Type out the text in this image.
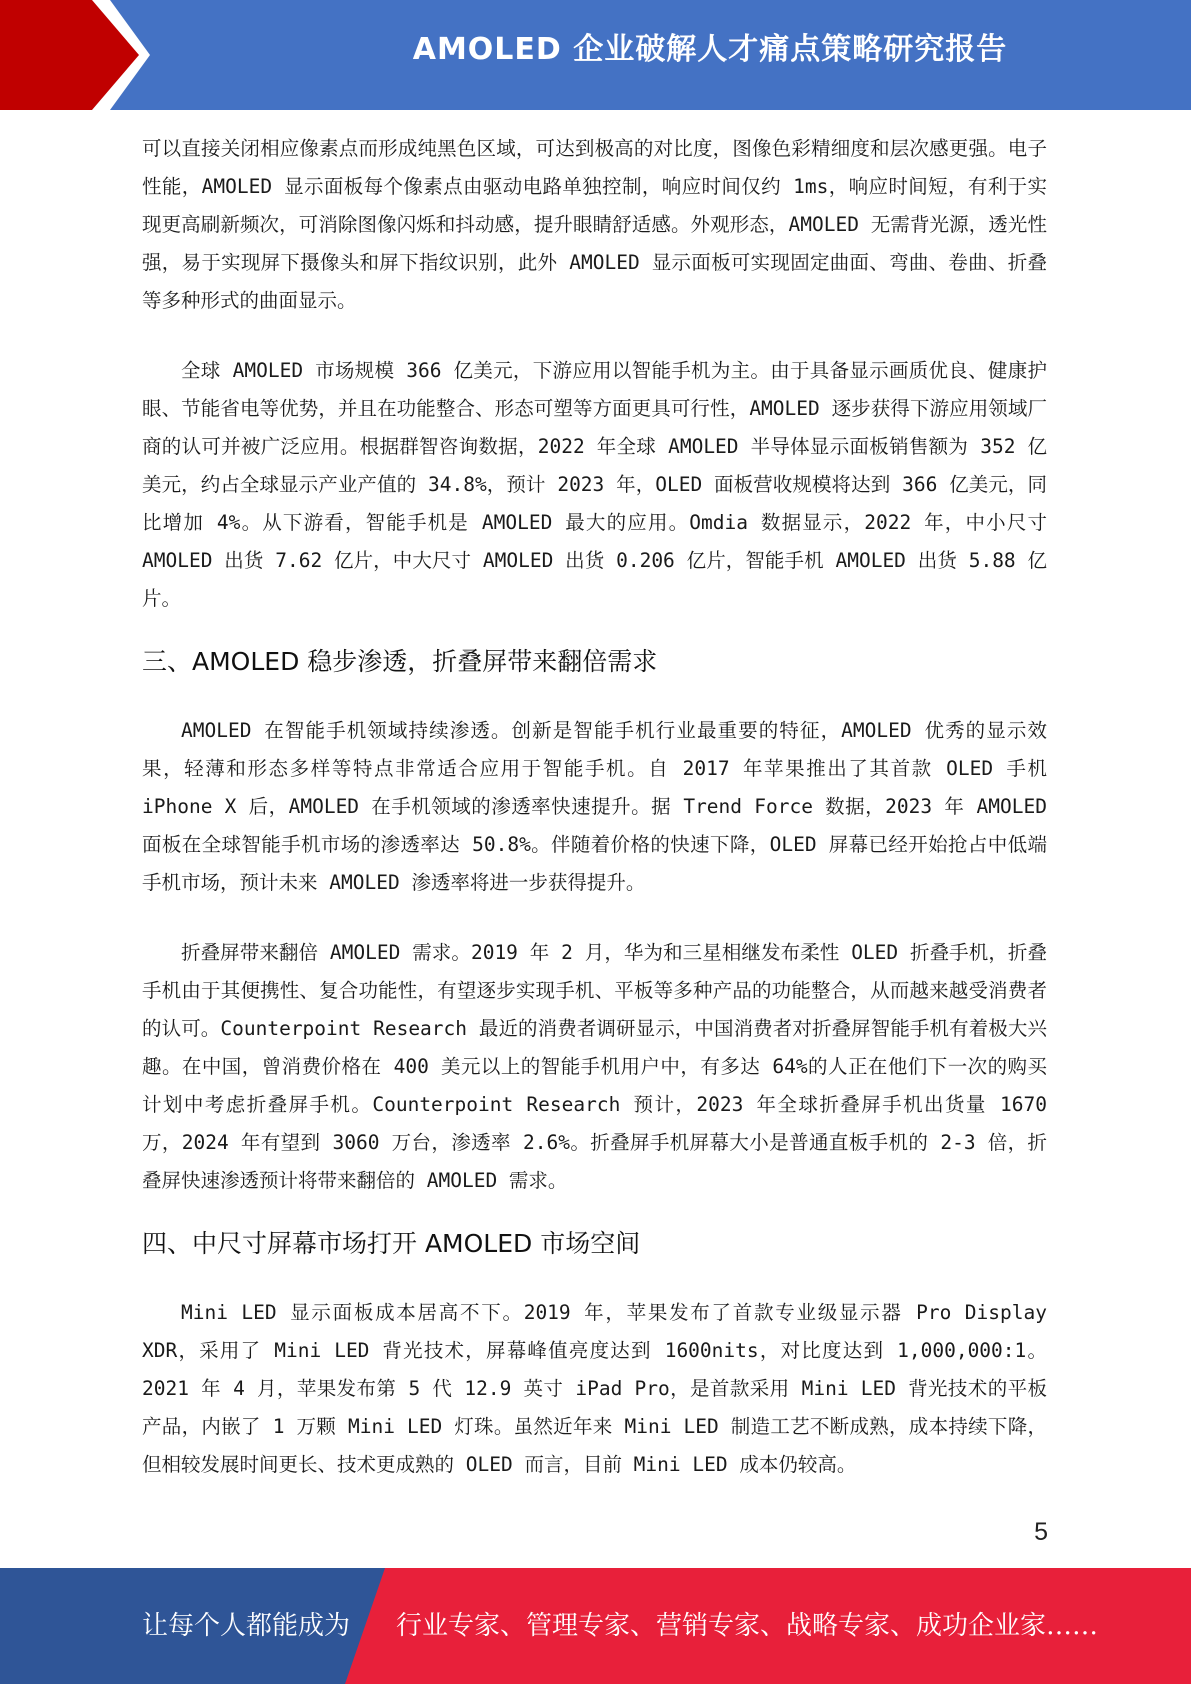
AMOLED 企业破解人才痛点策略研究报告

可以直接关闭相应像素点而形成纯黑色区域，可达到极高的对比度，图像色彩精细度和层次感更强。电子性能，AMOLED 显示面板每个像素点由驱动电路单独控制，响应时间仅约 1ms，响应时间短，有利于实现更高刷新频次，可消除图像闪烁和抖动感，提升眼睛舒适感。外观形态，AMOLED 无需背光源，透光性强，易于实现屏下摄像头和屏下指纹识别，此外 AMOLED 显示面板可实现固定曲面、弯曲、卷曲、折叠等多种形式的曲面显示。

全球 AMOLED 市场规模 366 亿美元，下游应用以智能手机为主。由于具备显示画质优良、健康护眼、节能省电等优势，并且在功能整合、形态可塑等方面更具可行性，AMOLED 逐步获得下游应用领域厂商的认可并被广泛应用。根据群智咨询数据，2022 年全球 AMOLED 半导体显示面板销售额为 352 亿美元，约占全球显示产业产值的 34.8%，预计 2023 年，OLED 面板营收规模将达到 366 亿美元，同比增加 4%。从下游看，智能手机是 AMOLED 最大的应用。Omdia 数据显示，2022 年，中小尺寸 AMOLED 出货 7.62 亿片，中大尺寸 AMOLED 出货 0.206 亿片，智能手机 AMOLED 出货 5.88 亿片。

三、AMOLED 稳步渗透，折叠屏带来翻倍需求

AMOLED 在智能手机领域持续渗透。创新是智能手机行业最重要的特征，AMOLED 优秀的显示效果，轻薄和形态多样等特点非常适合应用于智能手机。自 2017 年苹果推出了其首款 OLED 手机 iPhone X 后，AMOLED 在手机领域的渗透率快速提升。据 Trend Force 数据，2023 年 AMOLED 面板在全球智能手机市场的渗透率达 50.8%。伴随着价格的快速下降，OLED 屏幕已经开始抢占中低端手机市场，预计未来 AMOLED 渗透率将进一步获得提升。

折叠屏带来翻倍 AMOLED 需求。2019 年 2 月，华为和三星相继发布柔性 OLED 折叠手机，折叠手机由于其便携性、复合功能性，有望逐步实现手机、平板等多种产品的功能整合，从而越来越受消费者的认可。Counterpoint Research 最近的消费者调研显示，中国消费者对折叠屏智能手机有着极大兴趣。在中国，曾消费价格在 400 美元以上的智能手机用户中，有多达 64%的人正在他们下一次的购买计划中考虑折叠屏手机。Counterpoint Research 预计，2023 年全球折叠屏手机出货量 1670 万，2024 年有望到 3060 万台，渗透率 2.6%。折叠屏手机屏幕大小是普通直板手机的 2-3 倍，折叠屏快速渗透预计将带来翻倍的 AMOLED 需求。

四、中尺寸屏幕市场打开 AMOLED 市场空间

Mini LED 显示面板成本居高不下。2019 年，苹果发布了首款专业级显示器 Pro Display XDR，采用了 Mini LED 背光技术，屏幕峰值亮度达到 1600nits，对比度达到 1,000,000:1。2021 年 4 月，苹果发布第 5 代 12.9 英寸 iPad Pro，是首款采用 Mini LED 背光技术的平板产品，内嵌了 1 万颗 Mini LED 灯珠。虽然近年来 Mini LED 制造工艺不断成熟，成本持续下降，但相较发展时间更长、技术更成熟的 OLED 而言，目前 Mini LED 成本仍较高。

5
让每个人都能成为 行业专家、管理专家、营销专家、战略专家、成功企业家……
